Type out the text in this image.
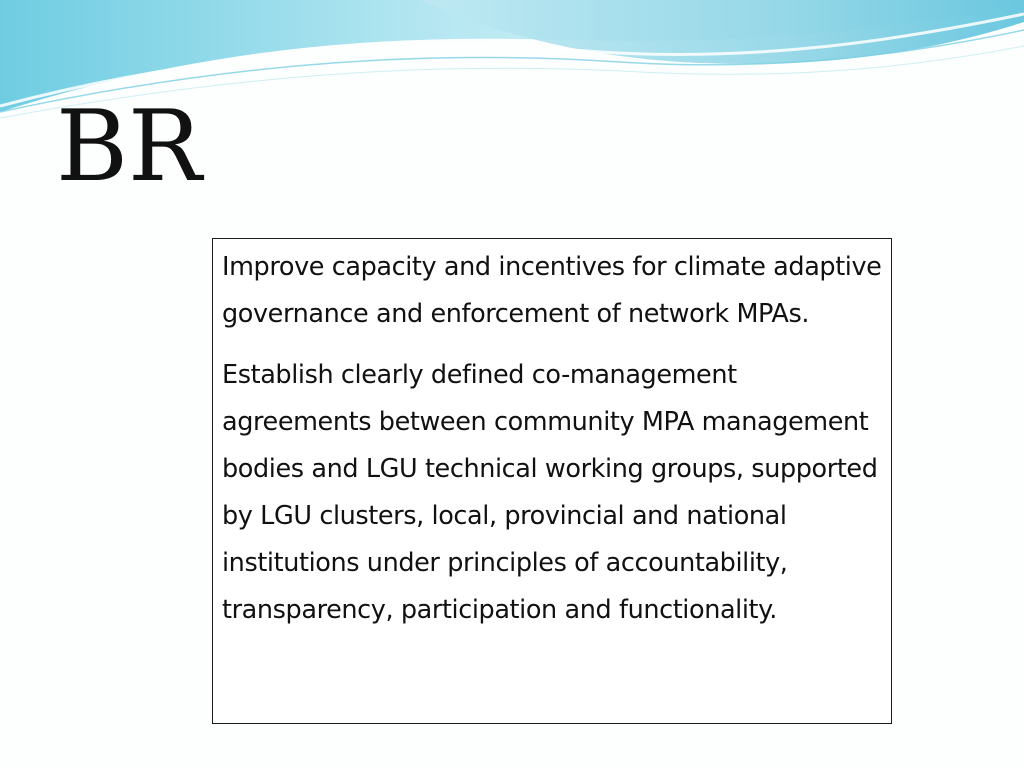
BR

Improve capacity and incentives for climate adaptive governance and enforcement of network MPAs.

Establish clearly defined co-management agreements between community MPA management bodies and LGU technical working groups, supported by LGU clusters, local, provincial and national institutions under principles of accountability, transparency, participation and functionality.
